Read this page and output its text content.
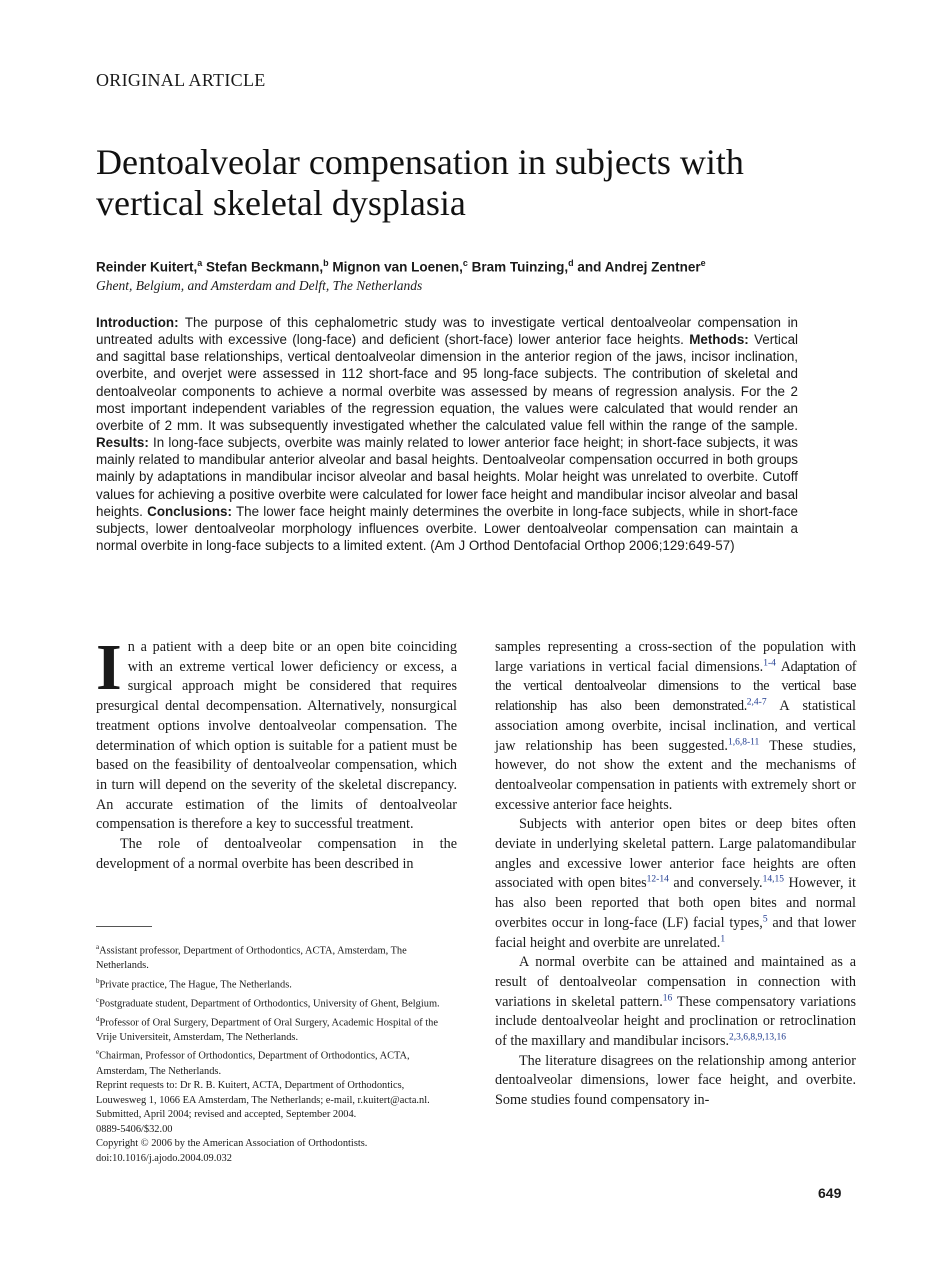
ORIGINAL ARTICLE
Dentoalveolar compensation in subjects with vertical skeletal dysplasia
Reinder Kuitert,$^a$ Stefan Beckmann,$^b$ Mignon van Loenen,$^c$ Bram Tuinzing,$^d$ and Andrej Zentner$^e$
Ghent, Belgium, and Amsterdam and Delft, The Netherlands

Introduction: The purpose of this cephalometric study was to investigate vertical dentoalveolar compensation in untreated adults with excessive (long-face) and deficient (short-face) lower anterior face heights. Methods: Vertical and sagittal base relationships, vertical dentoalveolar dimension in the anterior region of the jaws, incisor inclination, overbite, and overjet were assessed in 112 short-face and 95 long-face subjects. The contribution of skeletal and dentoalveolar components to achieve a normal overbite was assessed by means of regression analysis. For the 2 most important independent variables of the regression equation, the values were calculated that would render an overbite of 2 mm. It was subsequently investigated whether the calculated value fell within the range of the sample. Results: In long-face subjects, overbite was mainly related to lower anterior face height; in short-face subjects, it was mainly related to mandibular anterior alveolar and basal heights. Dentoalveolar compensation occurred in both groups mainly by adaptations in mandibular incisor alveolar and basal heights. Molar height was unrelated to overbite. Cutoff values for achieving a positive overbite were calculated for lower face height and mandibular incisor alveolar and basal heights. Conclusions: The lower face height mainly determines the overbite in long-face subjects, while in short-face subjects, lower dentoalveolar morphology influences overbite. Lower dentoalveolar compensation can maintain a normal overbite in long-face subjects to a limited extent. (Am J Orthod Dentofacial Orthop 2006;129:649-57)

In a patient with a deep bite or an open bite coinciding with an extreme vertical lower deficiency or excess, a surgical approach might be considered that requires presurgical dental decompensation. Alternatively, nonsurgical treatment options involve dentoalveolar compensation. The determination of which option is suitable for a patient must be based on the feasibility of dentoalveolar compensation, which in turn will depend on the severity of the skeletal discrepancy. An accurate estimation of the limits of dentoalveolar compensation is therefore a key to successful treatment.

The role of dentoalveolar compensation in the development of a normal overbite has been described in

$^a$Assistant professor, Department of Orthodontics, ACTA, Amsterdam, The Netherlands.
$^b$Private practice, The Hague, The Netherlands.
$^c$Postgraduate student, Department of Orthodontics, University of Ghent, Belgium.
$^d$Professor of Oral Surgery, Department of Oral Surgery, Academic Hospital of the Vrije Universiteit, Amsterdam, The Netherlands.
$^e$Chairman, Professor of Orthodontics, Department of Orthodontics, ACTA, Amsterdam, The Netherlands.
Reprint requests to: Dr R. B. Kuitert, ACTA, Department of Orthodontics, Louwesweg 1, 1066 EA Amsterdam, The Netherlands; e-mail, r.kuitert@acta.nl.
Submitted, April 2004; revised and accepted, September 2004.
0889-5406/$32.00
Copyright © 2006 by the American Association of Orthodontists.
doi:10.1016/j.ajodo.2004.09.032

samples representing a cross-section of the population with large variations in vertical facial dimensions.$^{1-4}$ Adaptation of the vertical dentoalveolar dimensions to the vertical base relationship has also been demonstrated.$^{2,4-7}$ A statistical association among overbite, incisal inclination, and vertical jaw relationship has been suggested.$^{1,6,8-11}$ These studies, however, do not show the extent and the mechanisms of dentoalveolar compensation in patients with extremely short or excessive anterior face heights.

Subjects with anterior open bites or deep bites often deviate in underlying skeletal pattern. Large palatomandibular angles and excessive lower anterior face heights are often associated with open bites$^{12-14}$ and conversely.$^{14,15}$ However, it has also been reported that both open bites and normal overbites occur in long-face (LF) facial types,$^5$ and that lower facial height and overbite are unrelated.$^1$

A normal overbite can be attained and maintained as a result of dentoalveolar compensation in connection with variations in skeletal pattern.$^{16}$ These compensatory variations include dentoalveolar height and proclination or retroclination of the maxillary and mandibular incisors.$^{2,3,6,8,9,13,16}$

The literature disagrees on the relationship among anterior dentoalveolar dimensions, lower face height, and overbite. Some studies found compensatory in-

649
